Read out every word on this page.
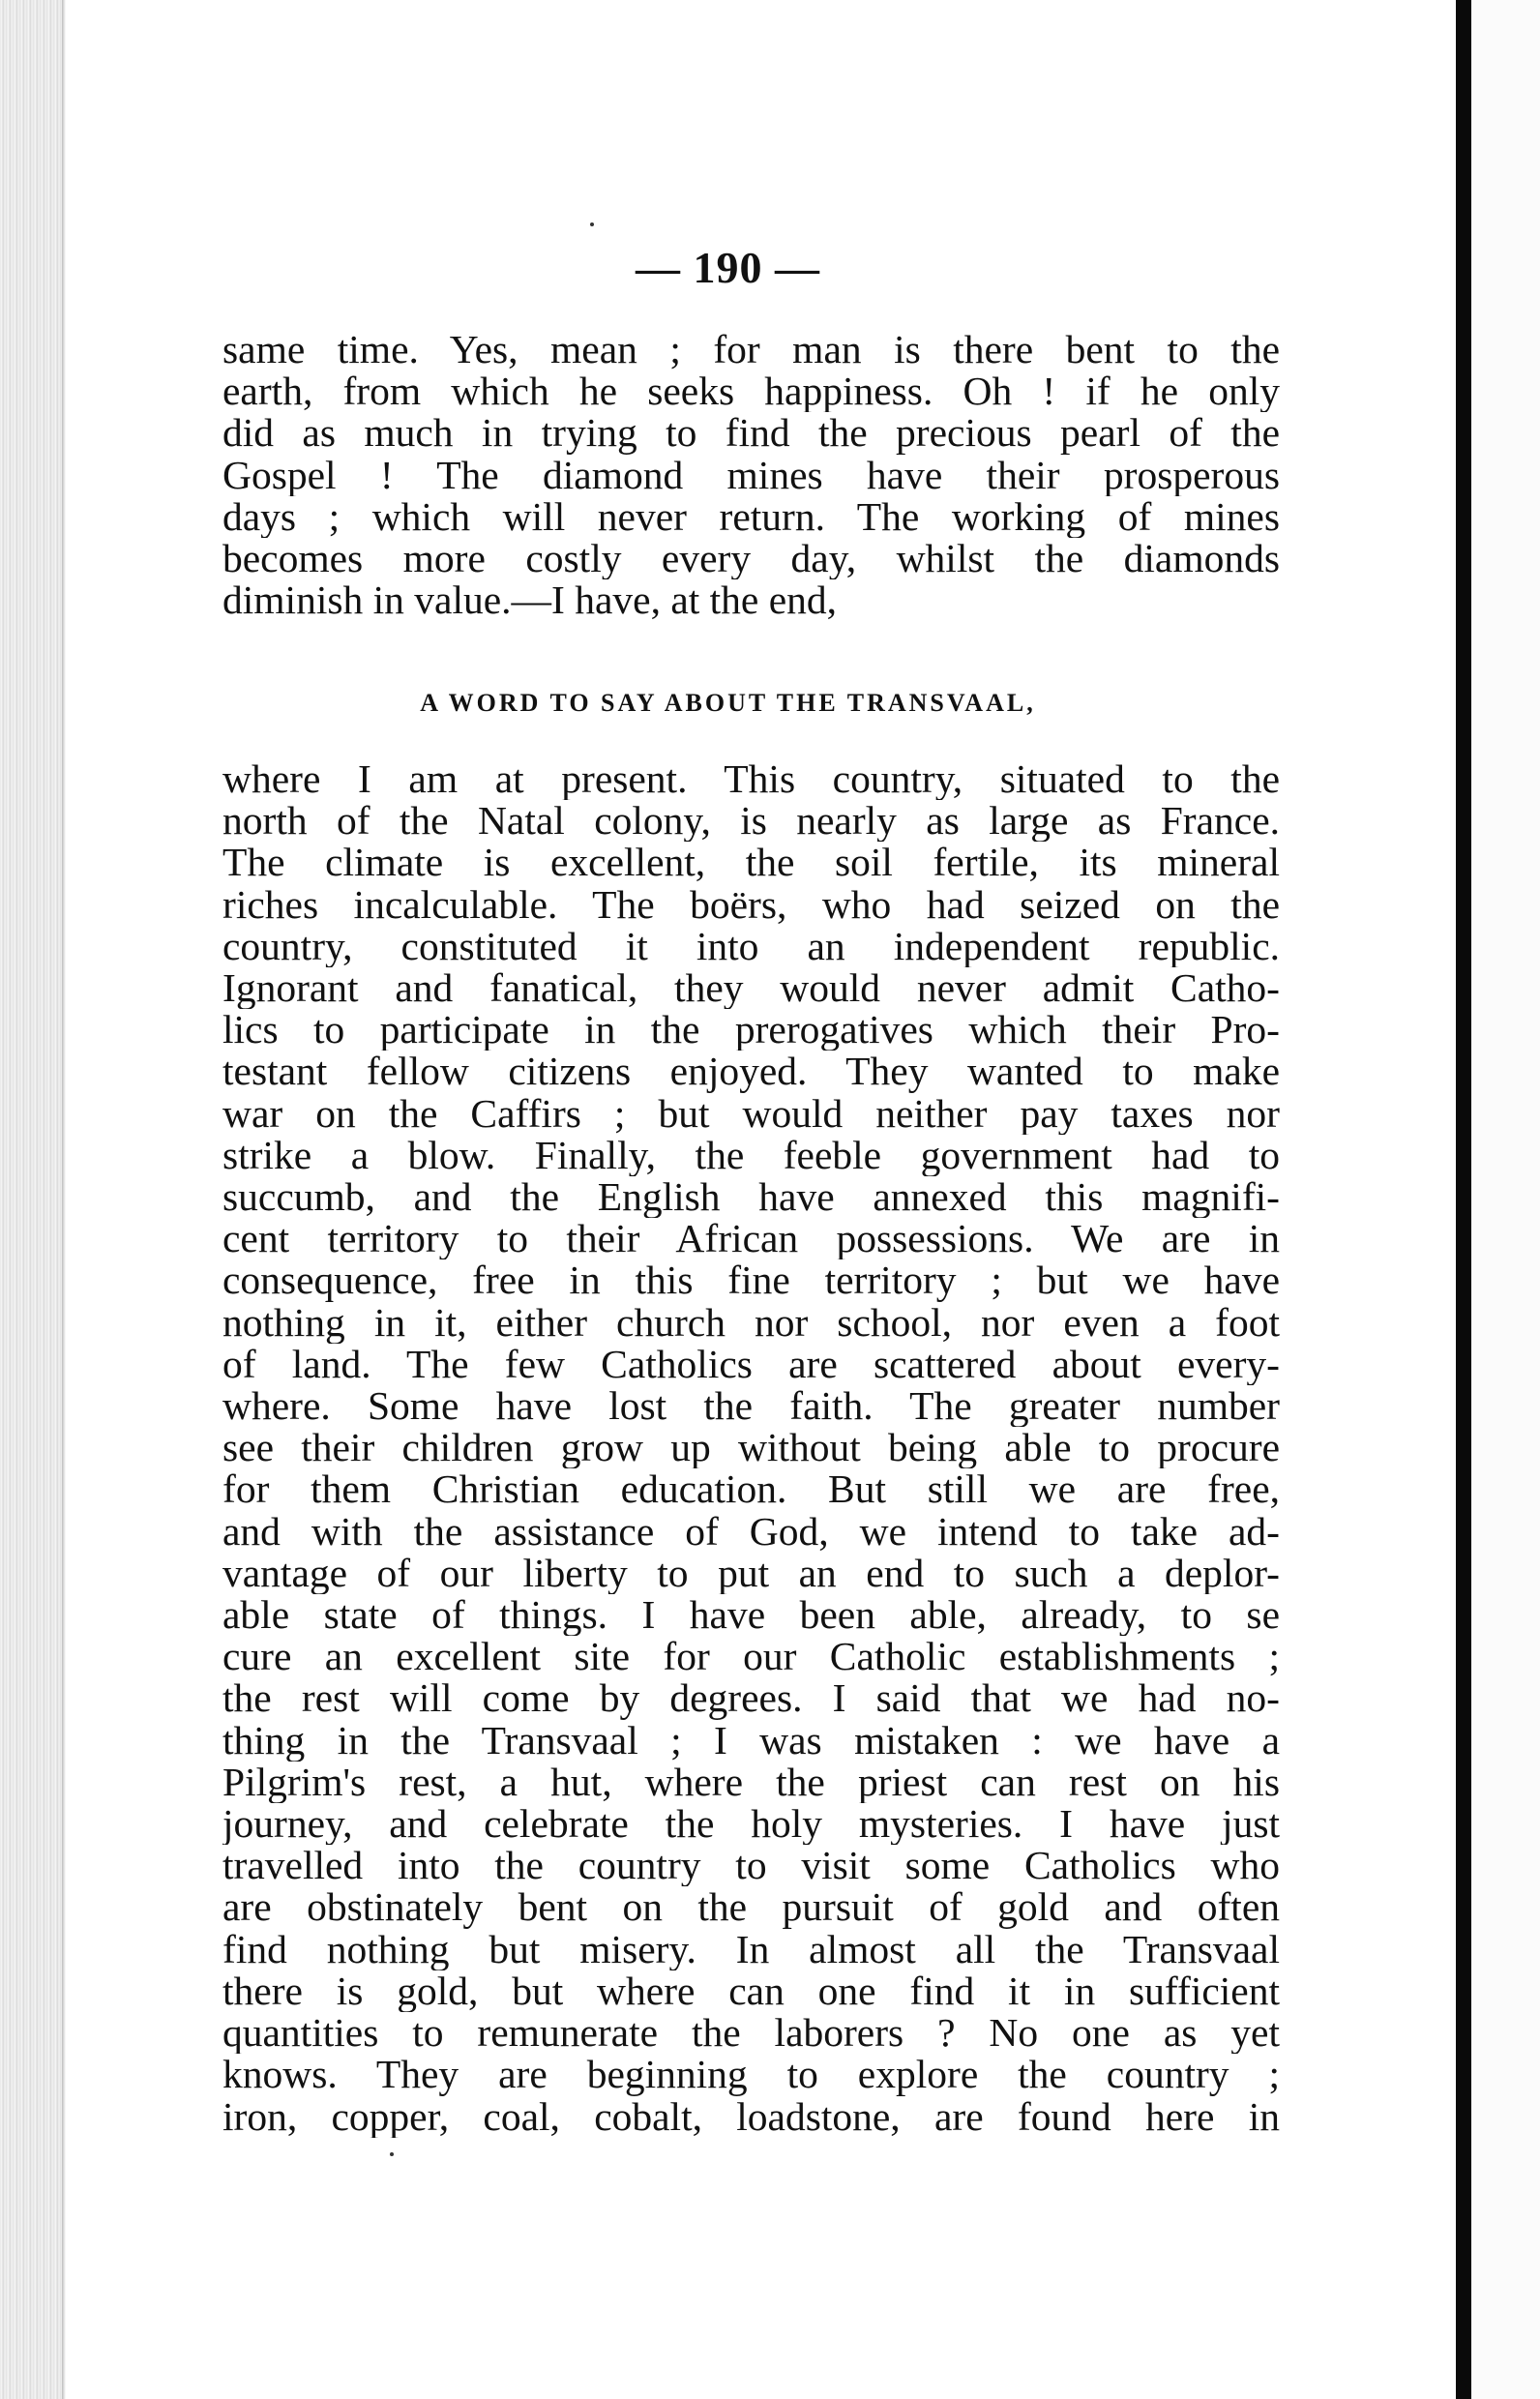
— 190 —
same time. Yes, mean ; for man is there bent to the
earth, from which he seeks happiness. Oh ! if he only
did as much in trying to find the precious pearl of the
Gospel ! The diamond mines have their prosperous
days ; which will never return. The working of mines
becomes more costly every day, whilst the diamonds
diminish in value.—I have, at the end,
A WORD TO SAY ABOUT THE TRANSVAAL,
where I am at present. This country, situated to the
north of the Natal colony, is nearly as large as France.
The climate is excellent, the soil fertile, its mineral
riches incalculable. The boërs, who had seized on the
country, constituted it into an independent republic.
Ignorant and fanatical, they would never admit Catho-
lics to participate in the prerogatives which their Pro-
testant fellow citizens enjoyed. They wanted to make
war on the Caffirs ; but would neither pay taxes nor
strike a blow. Finally, the feeble government had to
succumb, and the English have annexed this magnifi-
cent territory to their African possessions. We are in
consequence, free in this fine territory ; but we have
nothing in it, either church nor school, nor even a foot
of land. The few Catholics are scattered about every-
where. Some have lost the faith. The greater number
see their children grow up without being able to procure
for them Christian education. But still we are free,
and with the assistance of God, we intend to take ad-
vantage of our liberty to put an end to such a deplor-
able state of things. I have been able, already, to se
cure an excellent site for our Catholic establishments ;
the rest will come by degrees. I said that we had no-
thing in the Transvaal ; I was mistaken : we have a
Pilgrim's rest, a hut, where the priest can rest on his
journey, and celebrate the holy mysteries. I have just
travelled into the country to visit some Catholics who
are obstinately bent on the pursuit of gold and often
find nothing but misery. In almost all the Transvaal
there is gold, but where can one find it in sufficient
quantities to remunerate the laborers ? No one as yet
knows. They are beginning to explore the country ;
iron, copper, coal, cobalt, loadstone, are found here in
